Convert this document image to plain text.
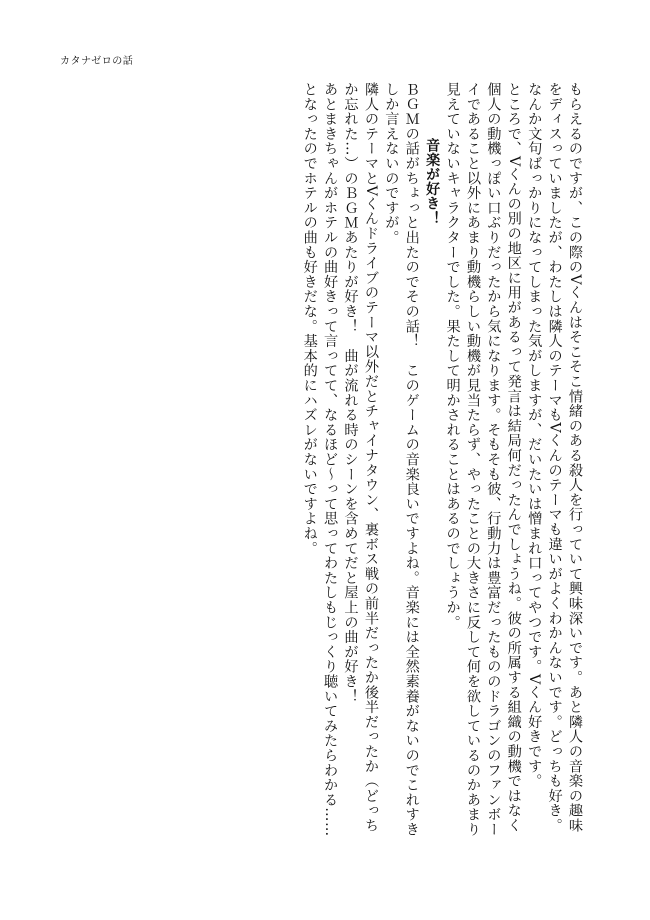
カタナゼロの話

もらえるのですが、この際のVくんはそこそこ情緒のある殺人を行っていて興味深いです。あと隣人の音楽の趣味をディスっていましたが、わたしは隣人のテーマもVくんのテーマも違いがよくわかんないです。どっちも好き。

なんか文句ばっかりになってしまった気がしますが、だいたいは憎まれ口ってやつです。Vくん好きです。

ところで、Vくんの別の地区に用があるって発言は結局何だったんでしょうね。彼の所属する組織の動機ではなく個人の動機っぽい口ぶりだったから気になります。そもそも彼、行動力は豊富だったもののドラゴンのファンボーイであること以外にあまり動機らしい動機が見当たらず、やったことの大きさに反して何を欲しているのかあまり見えていないキャラクターでした。果たして明かされることはあるのでしょうか。

音楽が好き！

ＢＧＭの話がちょっと出たのでその話！　このゲームの音楽良いですよね。音楽には全然素養がないのでこれすきしか言えないのですが。

隣人のテーマとVくんドライブのテーマ以外だとチャイナタウン、裏ボス戦の前半だったか後半だったか（どっちか忘れた…）のＢＧＭあたりが好き！　曲が流れる時のシーンを含めてだと屋上の曲が好き！

あとまきちゃんがホテルの曲好きって言ってて、なるほど～って思ってわたしもじっくり聴いてみたらわかる……となったのでホテルの曲も好きだな。基本的にハズレがないですよね。
